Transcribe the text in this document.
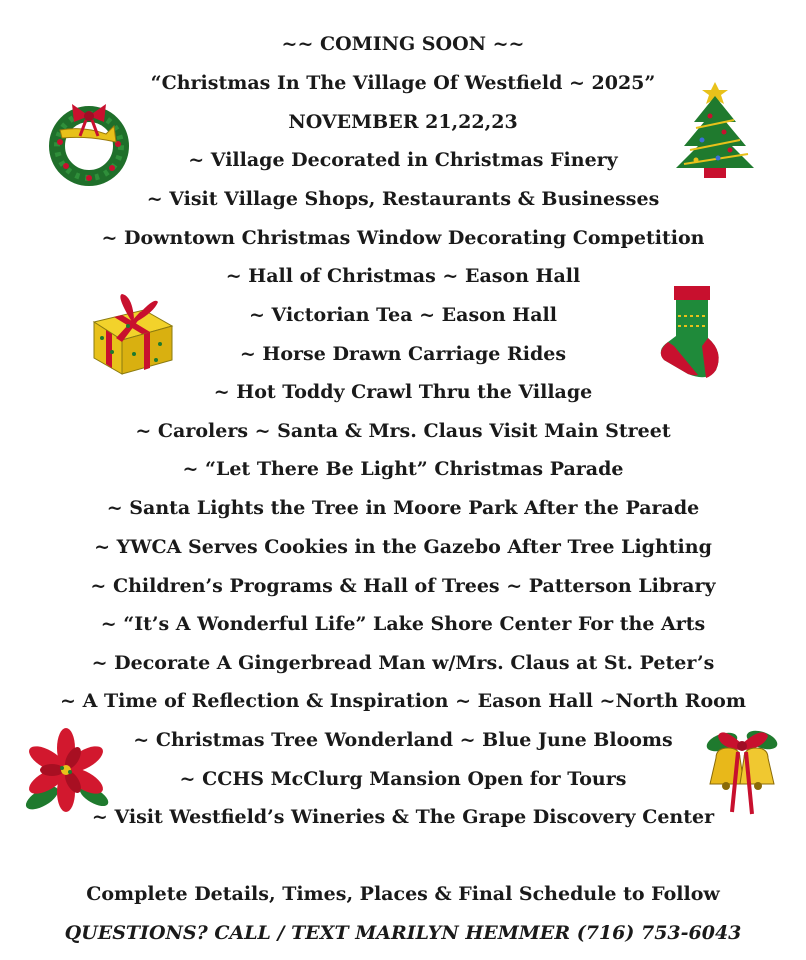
~~ COMING SOON ~~
“Christmas In The Village Of Westfield ~ 2025”
NOVEMBER 21,22,23
~ Village Decorated in Christmas Finery
~ Visit Village Shops, Restaurants & Businesses
~ Downtown Christmas Window Decorating Competition
~ Hall of Christmas ~ Eason Hall
~ Victorian Tea ~ Eason Hall
~ Horse Drawn Carriage Rides
~ Hot Toddy Crawl Thru the Village
~ Carolers ~ Santa & Mrs. Claus Visit Main Street
~ “Let There Be Light” Christmas Parade
~ Santa Lights the Tree in Moore Park After the Parade
~ YWCA Serves Cookies in the Gazebo After Tree Lighting
~ Children’s Programs & Hall of Trees ~ Patterson Library
~ “It’s A Wonderful Life” Lake Shore Center For the Arts
~ Decorate A Gingerbread Man w/Mrs. Claus at St. Peter’s
~ A Time of Reflection & Inspiration ~ Eason Hall ~North Room
~ Christmas Tree Wonderland ~ Blue June Blooms
~ CCHS McClurg Mansion Open for Tours
~ Visit Westfield’s Wineries & The Grape Discovery Center
Complete Details, Times, Places & Final Schedule to Follow
QUESTIONS? CALL / TEXT MARILYN HEMMER (716) 753-6043
